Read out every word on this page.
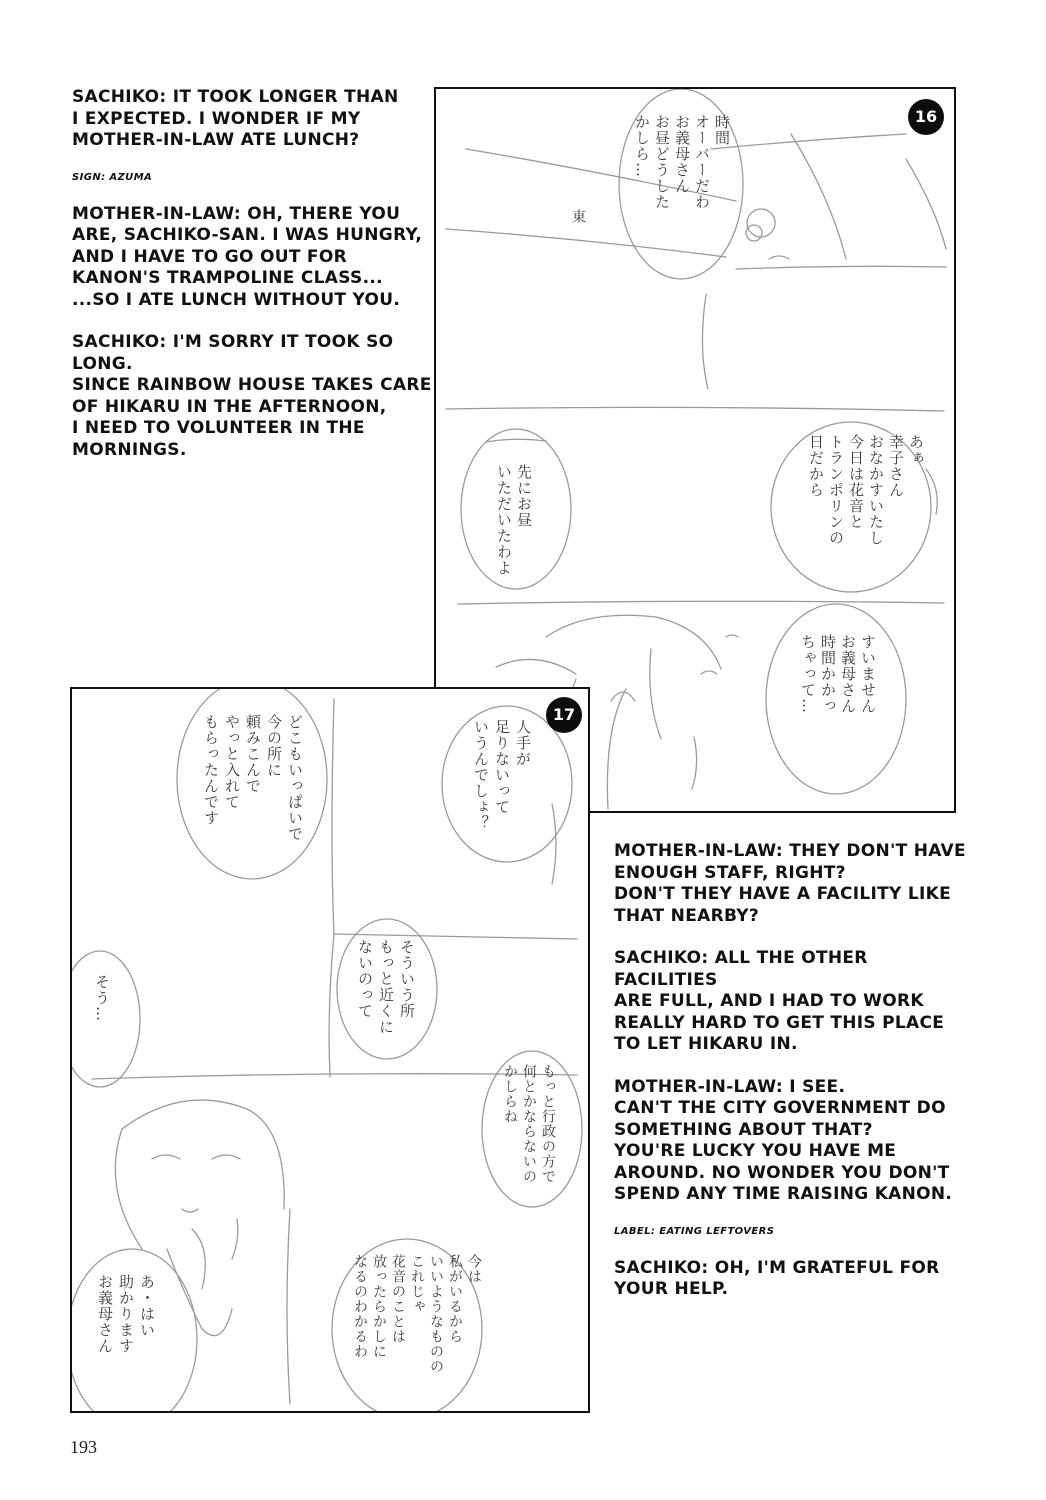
SACHIKO: IT TOOK LONGER THAN
I EXPECTED. I WONDER IF MY
MOTHER-IN-LAW ATE LUNCH?

SIGN: AZUMA

MOTHER-IN-LAW: OH, THERE YOU
ARE, SACHIKO-SAN. I WAS HUNGRY,
AND I HAVE TO GO OUT FOR
KANON'S TRAMPOLINE CLASS...
...SO I ATE LUNCH WITHOUT YOU.

SACHIKO: I'M SORRY IT TOOK SO
LONG.
SINCE RAINBOW HOUSE TAKES CARE
OF HIKARU IN THE AFTERNOON,
I NEED TO VOLUNTEER IN THE
MORNINGS.

16
時間
オーバーだわ
お義母さん
お昼どうした
かしら…
東
あぁ
幸子さん
おなかすいたし
今日は花音と
トランポリンの
日だから
先にお昼
いただいたわよ
すいません
お義母さん
時間かかっ
ちゃって…
17
どこもいっぱいで
今の所に
頼みこんで
やっと入れて
もらったんです	人手が
足りないって
いうんでしょ？
そういう所
もっと近くに
ないのって
そう…
もっと行政の方で
何とかならないの
かしらね
今は
私がいるから
いいようなものの
これじゃ
花音のことは
放ったらかしに
なるのわかるわ
あ・はい
助かります
お義母さん

MOTHER-IN-LAW: THEY DON'T HAVE
ENOUGH STAFF, RIGHT?
DON'T THEY HAVE A FACILITY LIKE
THAT NEARBY?

SACHIKO: ALL THE OTHER FACILITIES
ARE FULL, AND I HAD TO WORK
REALLY HARD TO GET THIS PLACE
TO LET HIKARU IN.

MOTHER-IN-LAW: I SEE.
CAN'T THE CITY GOVERNMENT DO
SOMETHING ABOUT THAT?
YOU'RE LUCKY YOU HAVE ME
AROUND. NO WONDER YOU DON'T
SPEND ANY TIME RAISING KANON.

LABEL: EATING LEFTOVERS

SACHIKO: OH, I'M GRATEFUL FOR
YOUR HELP.

193
